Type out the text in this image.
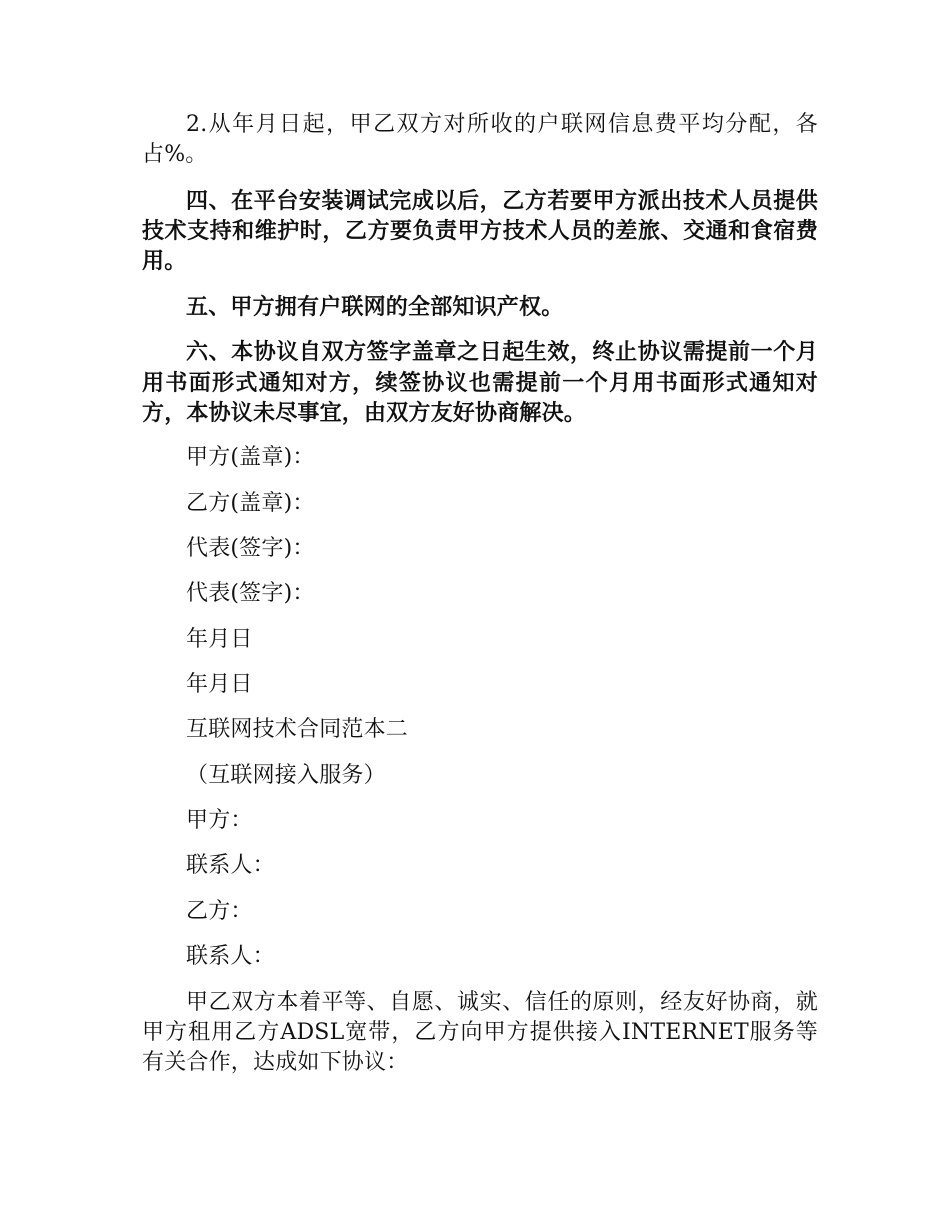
2.从年月日起，甲乙双方对所收的户联网信息费平均分配，各占%。

四、在平台安装调试完成以后，乙方若要甲方派出技术人员提供技术支持和维护时，乙方要负责甲方技术人员的差旅、交通和食宿费用。

五、甲方拥有户联网的全部知识产权。

六、本协议自双方签字盖章之日起生效，终止协议需提前一个月用书面形式通知对方，续签协议也需提前一个月用书面形式通知对方，本协议未尽事宜，由双方友好协商解决。

甲方(盖章)：

乙方(盖章)：

代表(签字)：

代表(签字)：

年月日

年月日

互联网技术合同范本二

（互联网接入服务）

甲方：

联系人：

乙方：

联系人：

甲乙双方本着平等、自愿、诚实、信任的原则，经友好协商，就甲方租用乙方ADSL宽带，乙方向甲方提供接入INTERNET服务等有关合作，达成如下协议：
